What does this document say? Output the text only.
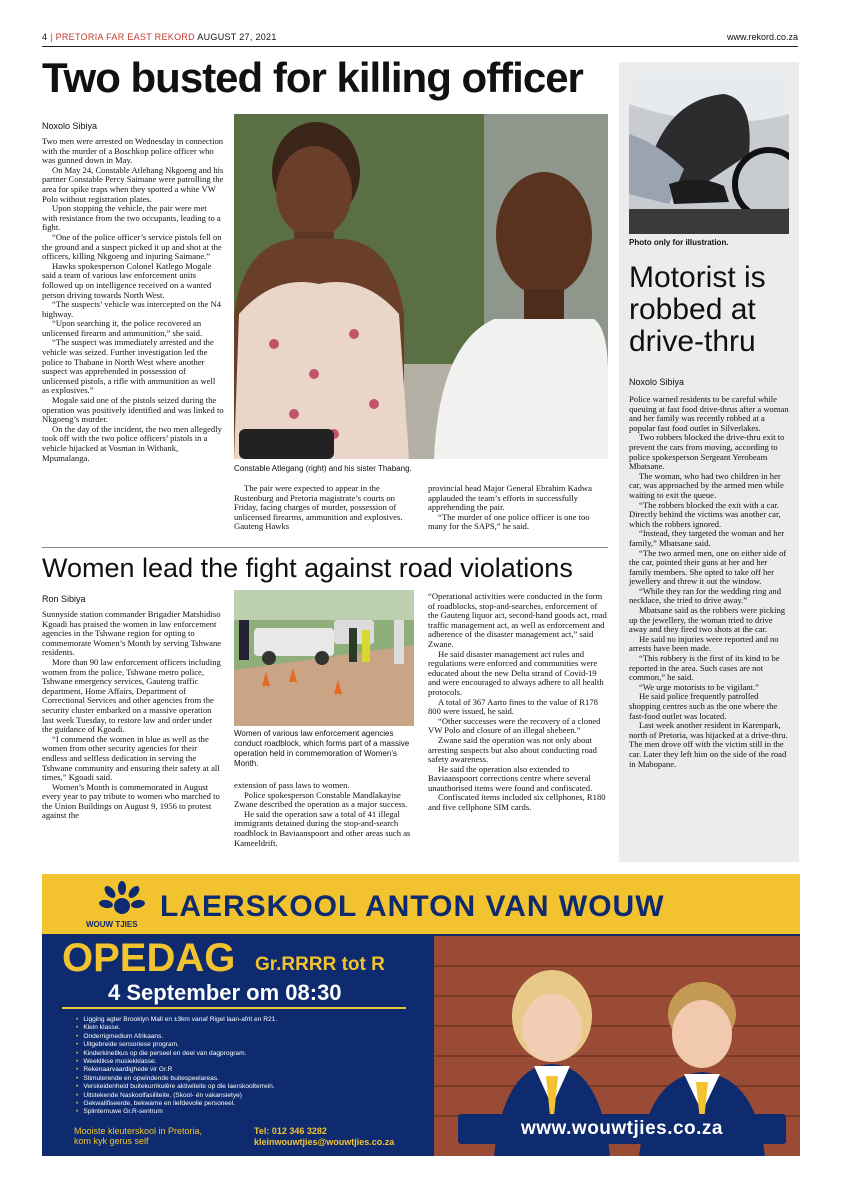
4 | PRETORIA FAR EAST REKORD AUGUST 27, 2021	www.rekord.co.za
Two busted for killing officer
Noxolo Sibiya

Two men were arrested on Wednesday in connection with the murder of a Boschkop police officer who was gunned down in May.

On May 24, Constable Atlehang Nkgoeng and his partner Constable Percy Saimane were patrolling the area for spike traps when they spotted a white VW Polo without registration plates.

Upon stopping the vehicle, the pair were met with resistance from the two occupants, leading to a fight.

“One of the police officer’s service pistols fell on the ground and a suspect picked it up and shot at the officers, killing Nkgoeng and injuring Saimane.”

Hawks spokesperson Colonel Katlego Mogale said a team of various law enforcement units followed up on intelligence received on a wanted person driving towards North West.

“The suspects’ vehicle was intercepted on the N4 highway.

“Upon searching it, the police recovered an unlicensed firearm and ammunition,” she said.

“The suspect was immediately arrested and the vehicle was seized. Further investigation led the police to Thabane in North West where another suspect was apprehended in possession of unlicensed pistols, a rifle with ammunition as well as explosives.”

Mogale said one of the pistols seized during the operation was positively identified and was linked to Nkgoeng’s murder.

On the day of the incident, the two men allegedly took off with the two police officers’ pistols in a vehicle hijacked at Vosman in Witbank, Mpumalanga.

Constable Atlegang (right) and his sister Thabang.

The pair were expected to appear in the Rustenburg and Pretoria magistrate’s courts on Friday, facing charges of murder, possession of unlicensed firearms, ammunition and explosives. Gauteng Hawks

provincial head Major General Ebrahim Kadwa applauded the team’s efforts in successfully apprehending the pair.

“The murder of one police officer is one too many for the SAPS,” he said.

Women lead the fight against road violations
Ron Sibiya

Sunnyside station commander Brigadier Matshidiso Kgoadi has praised the women in law enforcement agencies in the Tshwane region for opting to commemorate Women’s Month by serving Tshwane residents.

More than 90 law enforcement officers including women from the police, Tshwane metro police, Tshwane emergency services, Gauteng traffic department, Home Affairs, Department of Correctional Services and other agencies from the security cluster embarked on a massive operation last week Tuesday, to restore law and order under the guidance of Kgoadi.

“I commend the women in blue as well as the women from other security agencies for their endless and selfless dedication in serving the Tshwane community and ensuring their safety at all times,” Kgoadi said.

Women’s Month is commemorated in August every year to pay tribute to women who marched to the Union Buildings on August 9, 1956 to protest against the

Women of various law enforcement agencies conduct roadblock, which forms part of a massive operation held in commemoration of Women’s Month.

extension of pass laws to women.

Police spokesperson Constable Mandlakayise Zwane described the operation as a major success.

He said the operation saw a total of 41 illegal immigrants detained during the stop-and-search roadblock in Baviaanspoort and other areas such as Kameeldrift.

“Operational activities were conducted in the form of roadblocks, stop-and-searches, enforcement of the Gauteng liquor act, second-hand goods act, road traffic management act, as well as enforcement and adherence of the disaster management act,” said Zwane.

He said disaster management act rules and regulations were enforced and communities were educated about the new Delta strand of Covid-19 and were encouraged to always adhere to all health protocols.

A total of 367 Aarto fines to the value of R178 800 were issued, he said.

“Other successes were the recovery of a cloned VW Polo and closure of an illegal shebeen.”

Zwane said the operation was not only about arresting suspects but also about conducting road safety awareness.

He said the operation also extended to Baviaanspoort corrections centre where several unauthorised items were found and confiscated.

Confiscated items included six cellphones, R180 and five cellphone SIM cards.

Photo only for illustration.
Motorist is robbed at drive-thru
Noxolo Sibiya

Police warned residents to be careful while queuing at fast food drive-thrus after a woman and her family was recently robbed at a popular fast food outlet in Silverlakes.

Two robbers blocked the drive-thru exit to prevent the cars from moving, according to police spokesperson Sergeant Yerobeam Mbatsane.

The woman, who had two children in her car, was approached by the armed men while waiting to exit the queue.

“The robbers blocked the exit with a car. Directly behind the victims was another car, which the robbers ignored.

“Instead, they targeted the woman and her family,” Mbatsane said.

“The two armed men, one on either side of the car, pointed their guns at her and her family members. She opted to take off her jewellery and threw it out the window.

“While they ran for the wedding ring and necklace, she tried to drive away.”

Mbatsane said as the robbers were picking up the jewellery, the woman tried to drive away and they fired two shots at the car.

He said no injuries were reported and no arrests have been made.

“This robbery is the first of its kind to be reported in the area. Such cases are not common,” he said.

“We urge motorists to be vigilant.”

He said police frequently patrolled shopping centres such as the one where the fast-food outlet was located.

Last week another resident in Karenpark, north of Pretoria, was hijacked at a drive-thru. The men drove off with the victim still in the car. Later they left him on the side of the road in Mabopane.

WOUW TJIES
LAERSKOOL ANTON VAN WOUW
OPEDAG Gr.RRRR tot R
4 September om 08:30
• Ligging agter Brooklyn Mall en ±3km vanaf Rigel laan-afrit en R21.
• Klein klasse.
• Onderrigmedium Afrikaans.
• Uitgebreide sensoriese program.
• Kinderkinetikus op die perseel en deel van dagprogram.
• Weeklikse musiekklasse.
• Rekenaarvaardighede vir Gr.R
• Stimulerende en opwindende buitespeelareas.
• Verskeidenheid buitekurrikulêre aktiwiteite op die laerskoolterrein.
• Uitstekende Naskoolfasiliteite. (Skool- én vakansietye)
• Gekwalifiseerde, bekwame en liefdevolle personeel.
• Splinternuwe Gr.R-sentrum
Mooiste kleuterskool in Pretoria,
kom kyk gerus self
Tel: 012 346 3282
kleinwouwtjies@wouwtjies.co.za
www.wouwtjies.co.za
